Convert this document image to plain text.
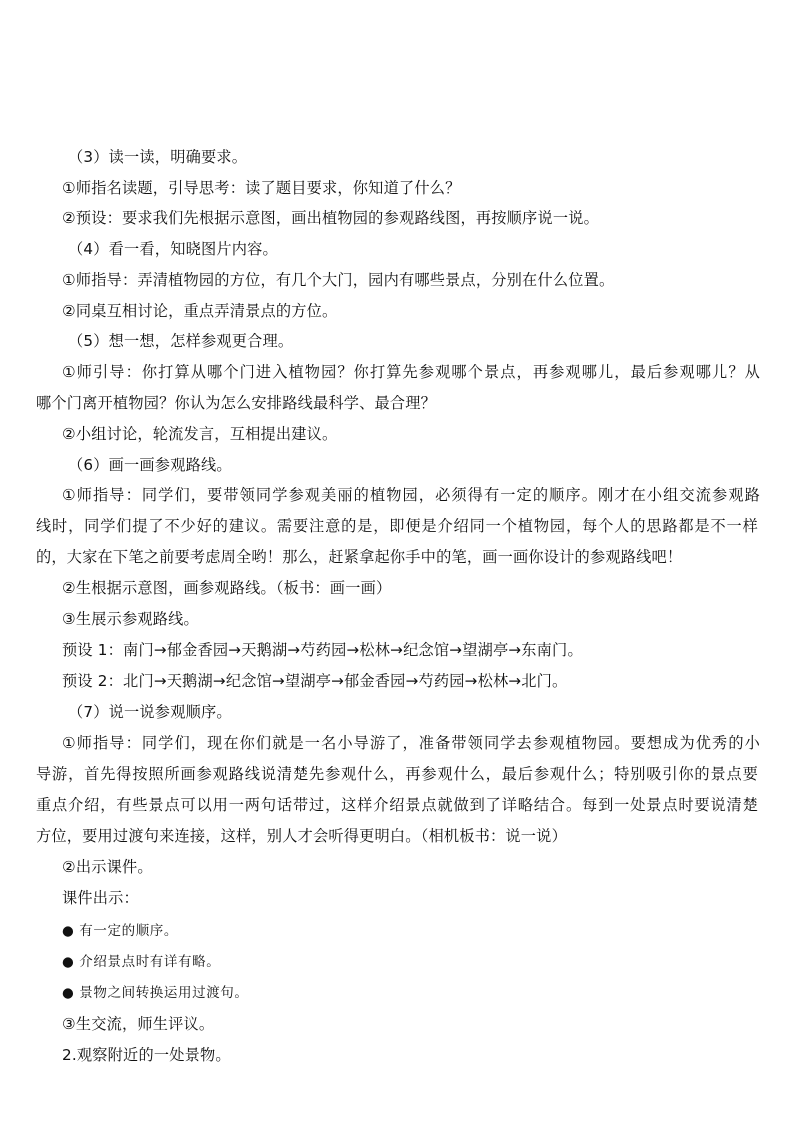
（3）读一读，明确要求。
①师指名读题，引导思考：读了题目要求，你知道了什么？
②预设：要求我们先根据示意图，画出植物园的参观路线图，再按顺序说一说。
（4）看一看，知晓图片内容。
①师指导：弄清植物园的方位，有几个大门，园内有哪些景点，分别在什么位置。
②同桌互相讨论，重点弄清景点的方位。
（5）想一想，怎样参观更合理。
①师引导：你打算从哪个门进入植物园？你打算先参观哪个景点，再参观哪儿，最后参观哪儿？从
哪个门离开植物园？你认为怎么安排路线最科学、最合理？
②小组讨论，轮流发言，互相提出建议。
（6）画一画参观路线。
①师指导：同学们，要带领同学参观美丽的植物园，必须得有一定的顺序。刚才在小组交流参观路
线时，同学们提了不少好的建议。需要注意的是，即便是介绍同一个植物园，每个人的思路都是不一样
的，大家在下笔之前要考虑周全哟！那么，赶紧拿起你手中的笔，画一画你设计的参观路线吧！
②生根据示意图，画参观路线。（板书：画一画）
③生展示参观路线。
预设 1：南门→郁金香园→天鹅湖→芍药园→松林→纪念馆→望湖亭→东南门。
预设 2：北门→天鹅湖→纪念馆→望湖亭→郁金香园→芍药园→松林→北门。
（7）说一说参观顺序。
①师指导：同学们，现在你们就是一名小导游了，准备带领同学去参观植物园。要想成为优秀的小
导游，首先得按照所画参观路线说清楚先参观什么，再参观什么，最后参观什么；特别吸引你的景点要
重点介绍，有些景点可以用一两句话带过，这样介绍景点就做到了详略结合。每到一处景点时要说清楚
方位，要用过渡句来连接，这样，别人才会听得更明白。（相机板书：说一说）
②出示课件。
课件出示：
● 有一定的顺序。
● 介绍景点时有详有略。
● 景物之间转换运用过渡句。
③生交流，师生评议。
2.观察附近的一处景物。
